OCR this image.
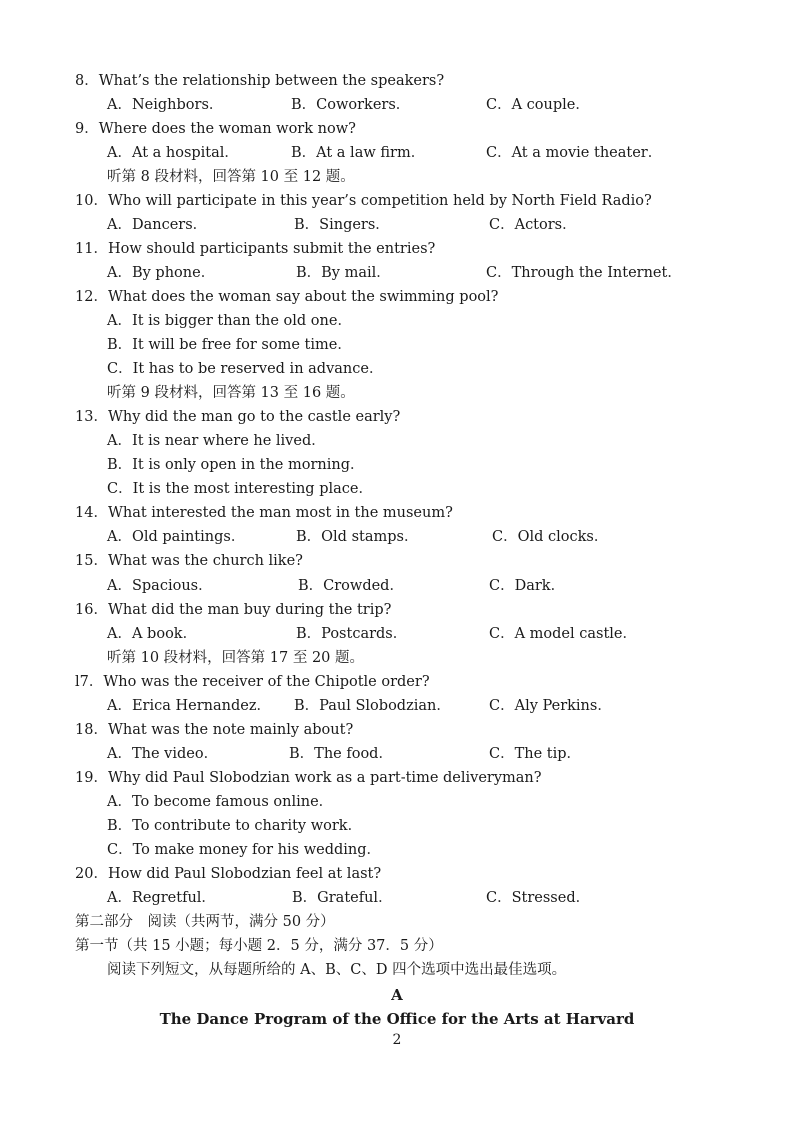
8．What’s the relationship between the speakers?
A．Neighbors．	B．Coworkers．	C．A couple．
9．Where does the woman work now?
A．At a hospital．	B．At a law firm．	C．At a movie theater．
听第 8 段材料，回答第 10 至 12 题。
10．Who will participate in this year’s competition held by North Field Radio?
A．Dancers．	B．Singers．	C．Actors．
11．How should participants submit the entries?
A．By phone．	B．By mail．	C．Through the Internet．
12．What does the woman say about the swimming pool?
A．It is bigger than the old one．
B．It will be free for some time．
C．It has to be reserved in advance．
听第 9 段材料，回答第 13 至 16 题。
13．Why did the man go to the castle early?
A．It is near where he lived．
B．It is only open in the morning．
C．It is the most interesting place．
14．What interested the man most in the museum?
A．Old paintings．	B．Old stamps．	C．Old clocks．
15．What was the church like?
A．Spacious．	B．Crowded．	C．Dark．
16．What did the man buy during the trip?
A．A book．	B．Postcards．	C．A model castle．
听第 10 段材料，回答第 17 至 20 题。
l7．Who was the receiver of the Chipotle order?
A．Erica Hernandez． B．Paul Slobodzian．	C．Aly Perkins．
18．What was the note mainly about?
A．The video．	B．The food．	C．The tip．
19．Why did Paul Slobodzian work as a part-time deliveryman?
A．To become famous online．
B．To contribute to charity work．
C．To make money for his wedding．
20．How did Paul Slobodzian feel at last?
A．Regretful．	B．Grateful．	C．Stressed．
第二部分　阅读（共两节，满分 50 分）
第一节（共 15 小题；每小题 2．5 分，满分 37．5 分）
阅读下列短文，从每题所给的 A、B、C、D 四个选项中选出最佳选项。
A
The Dance Program of the Office for the Arts at Harvard
2
